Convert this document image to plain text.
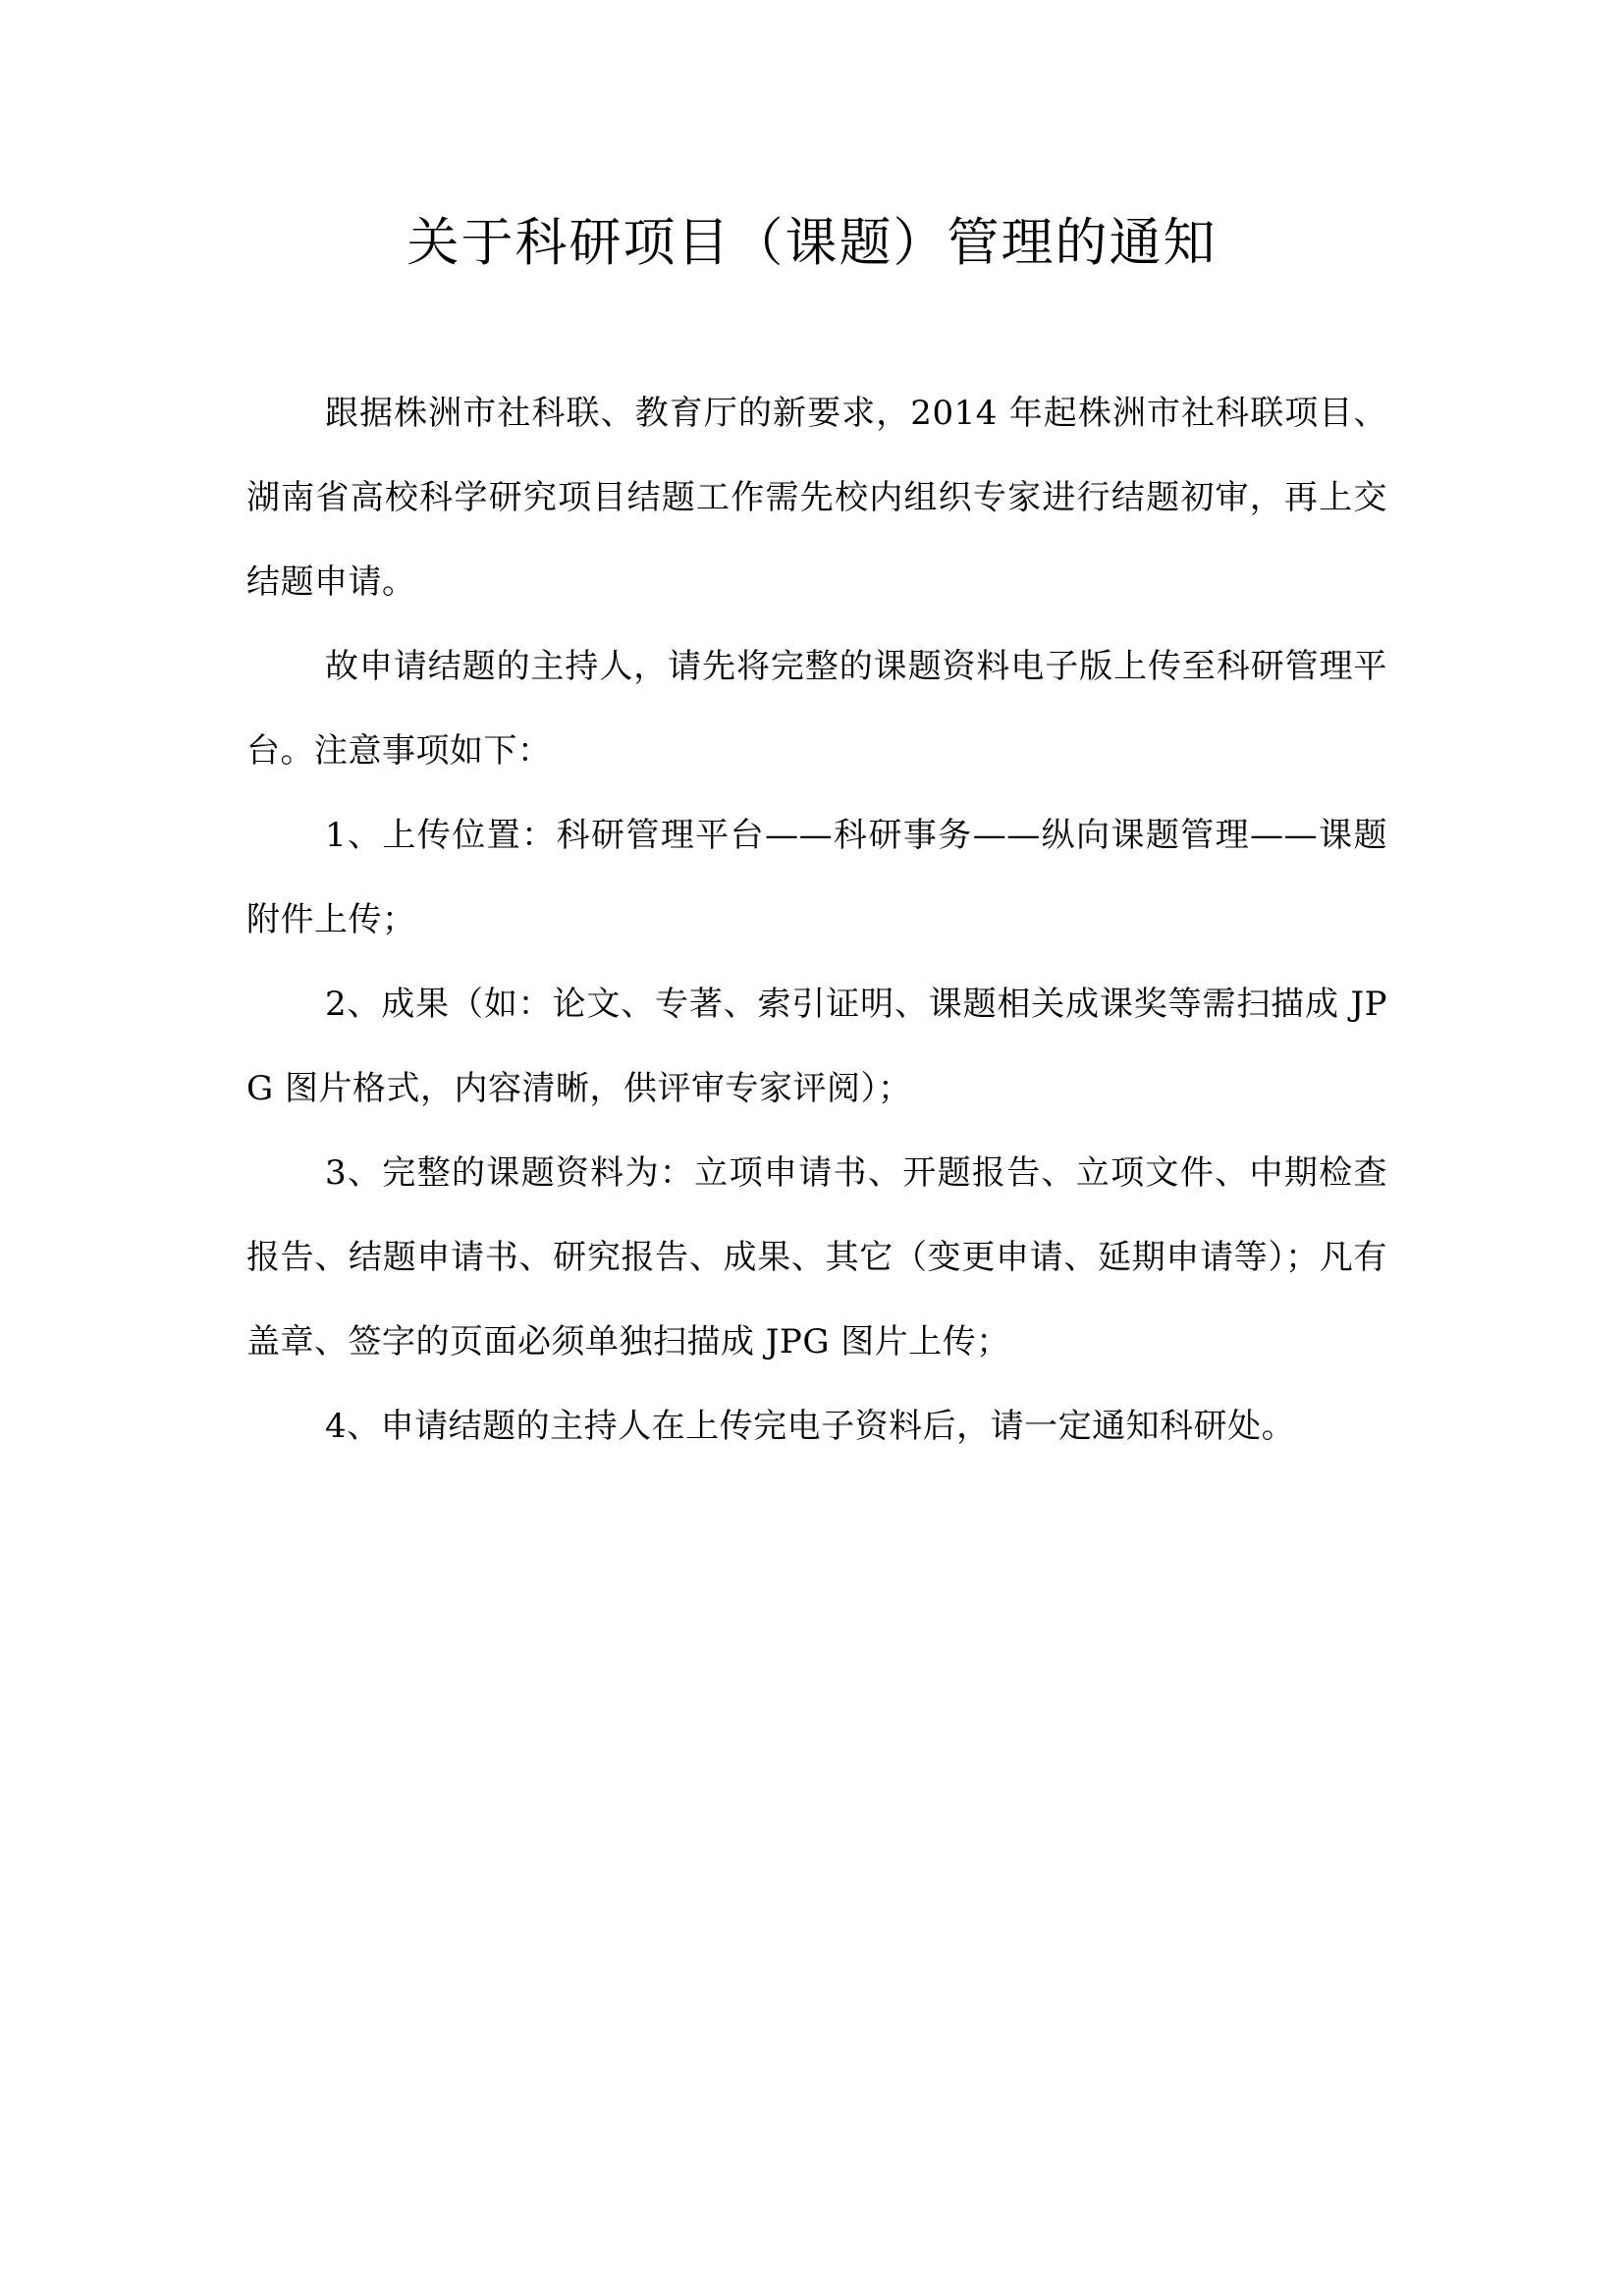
关于科研项目（课题）管理的通知

跟据株洲市社科联、教育厅的新要求，2014 年起株洲市社科联项目、湖南省高校科学研究项目结题工作需先校内组织专家进行结题初审，再上交结题申请。

故申请结题的主持人，请先将完整的课题资料电子版上传至科研管理平台。注意事项如下：

1、上传位置：科研管理平台——科研事务——纵向课题管理——课题附件上传；

2、成果（如：论文、专著、索引证明、课题相关成课奖等需扫描成 JPG 图片格式，内容清晰，供评审专家评阅）；

3、完整的课题资料为：立项申请书、开题报告、立项文件、中期检查报告、结题申请书、研究报告、成果、其它（变更申请、延期申请等）；凡有盖章、签字的页面必须单独扫描成 JPG 图片上传；

4、申请结题的主持人在上传完电子资料后，请一定通知科研处。
